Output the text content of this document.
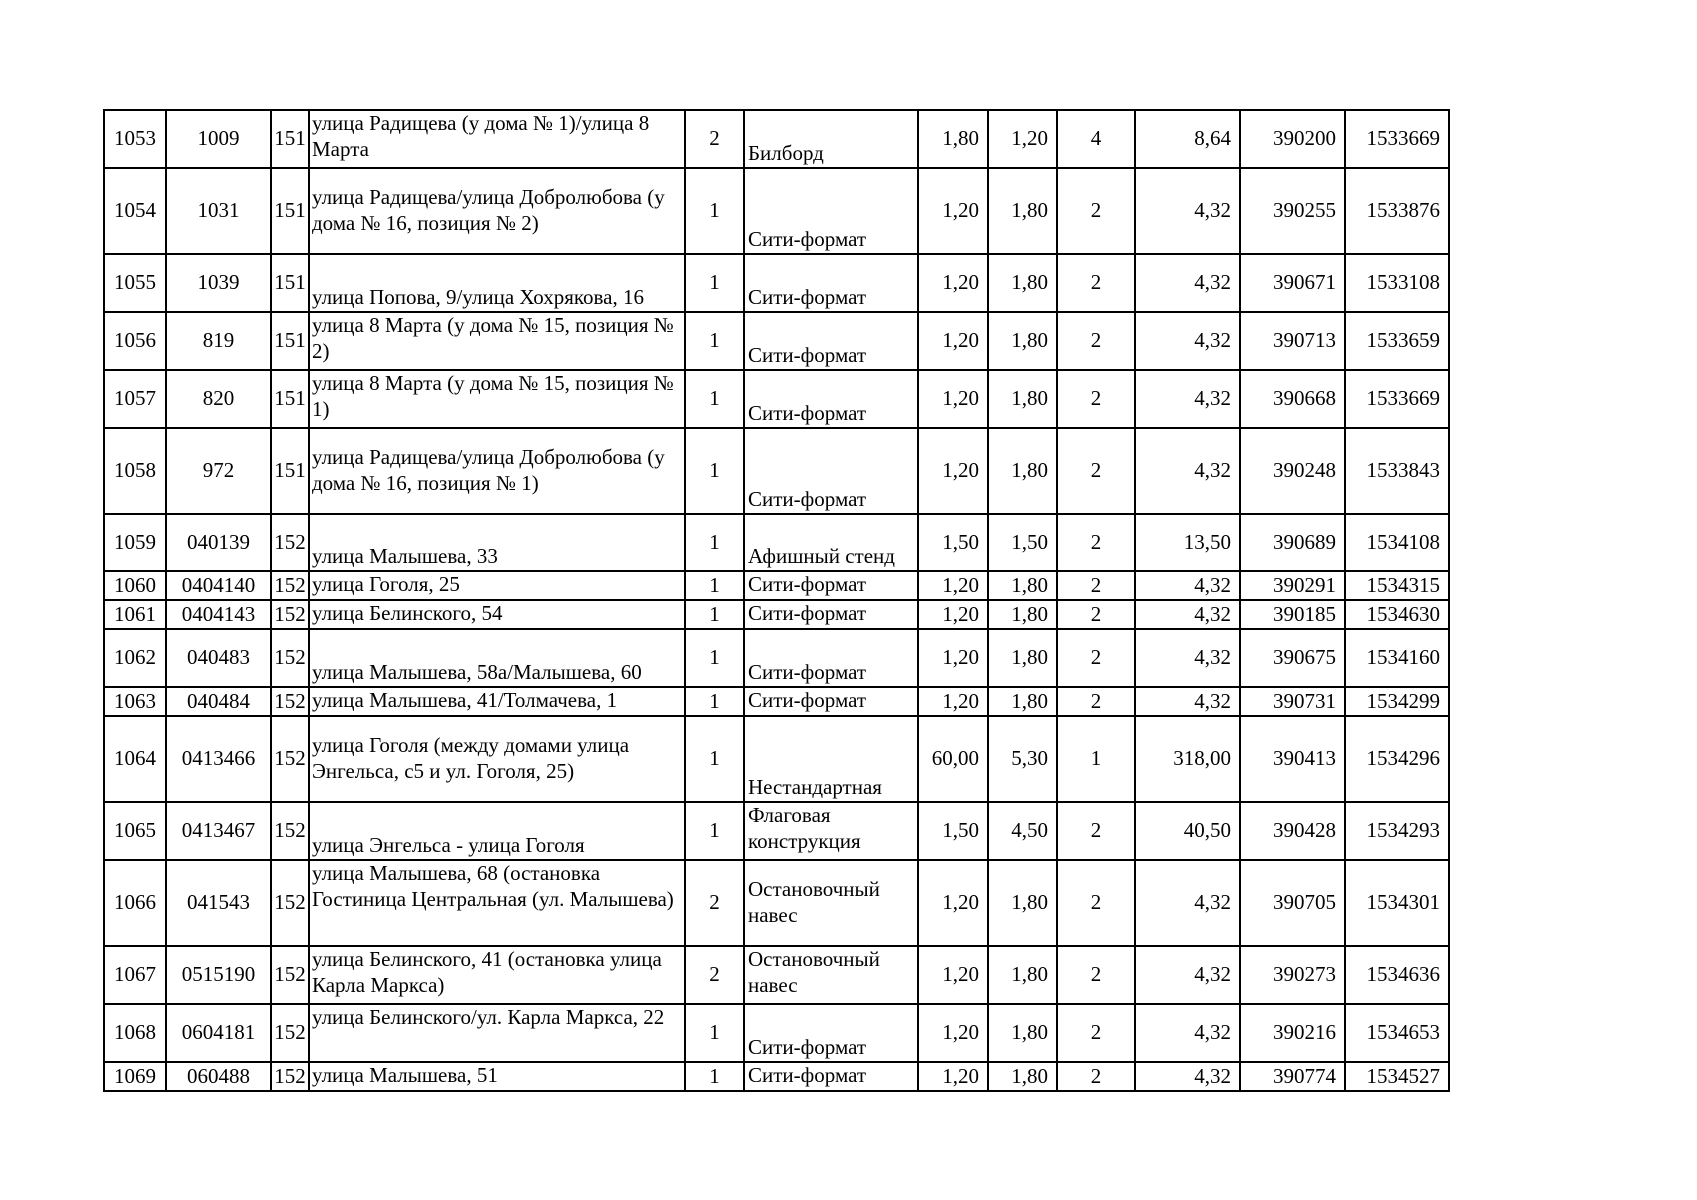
1053	1009	151	улица Радищева (у дома № 1)/улица 8 Марта	2	Билборд	1,80	1,20	4	8,64	390200	1533669
1054	1031	151	улица Радищева/улица Добролюбова (у дома № 16, позиция № 2)	1	Сити-формат	1,20	1,80	2	4,32	390255	1533876
1055	1039	151	улица Попова, 9/улица Хохрякова, 16	1	Сити-формат	1,20	1,80	2	4,32	390671	1533108
1056	819	151	улица 8 Марта (у дома № 15, позиция № 2)	1	Сити-формат	1,20	1,80	2	4,32	390713	1533659
1057	820	151	улица 8 Марта (у дома № 15, позиция № 1)	1	Сити-формат	1,20	1,80	2	4,32	390668	1533669
1058	972	151	улица Радищева/улица Добролюбова (у дома № 16, позиция № 1)	1	Сити-формат	1,20	1,80	2	4,32	390248	1533843
1059	040139	152	улица Малышева, 33	1	Афишный стенд	1,50	1,50	2	13,50	390689	1534108
1060	0404140	152	улица Гоголя, 25	1	Сити-формат	1,20	1,80	2	4,32	390291	1534315
1061	0404143	152	улица Белинского, 54	1	Сити-формат	1,20	1,80	2	4,32	390185	1534630
1062	040483	152	улица Малышева, 58а/Малышева, 60	1	Сити-формат	1,20	1,80	2	4,32	390675	1534160
1063	040484	152	улица Малышева, 41/Толмачева, 1	1	Сити-формат	1,20	1,80	2	4,32	390731	1534299
1064	0413466	152	улица Гоголя (между домами улица Энгельса, с5 и ул. Гоголя, 25)	1	Нестандартная	60,00	5,30	1	318,00	390413	1534296
1065	0413467	152	улица Энгельса - улица Гоголя	1	Флаговая конструкция	1,50	4,50	2	40,50	390428	1534293
1066	041543	152	улица Малышева, 68 (остановка Гостиница Центральная (ул. Малышева)	2	Остановочный навес	1,20	1,80	2	4,32	390705	1534301
1067	0515190	152	улица Белинского, 41 (остановка улица Карла Маркса)	2	Остановочный навес	1,20	1,80	2	4,32	390273	1534636
1068	0604181	152	улица Белинского/ул. Карла Маркса, 22	1	Сити-формат	1,20	1,80	2	4,32	390216	1534653
1069	060488	152	улица Малышева, 51	1	Сити-формат	1,20	1,80	2	4,32	390774	1534527
